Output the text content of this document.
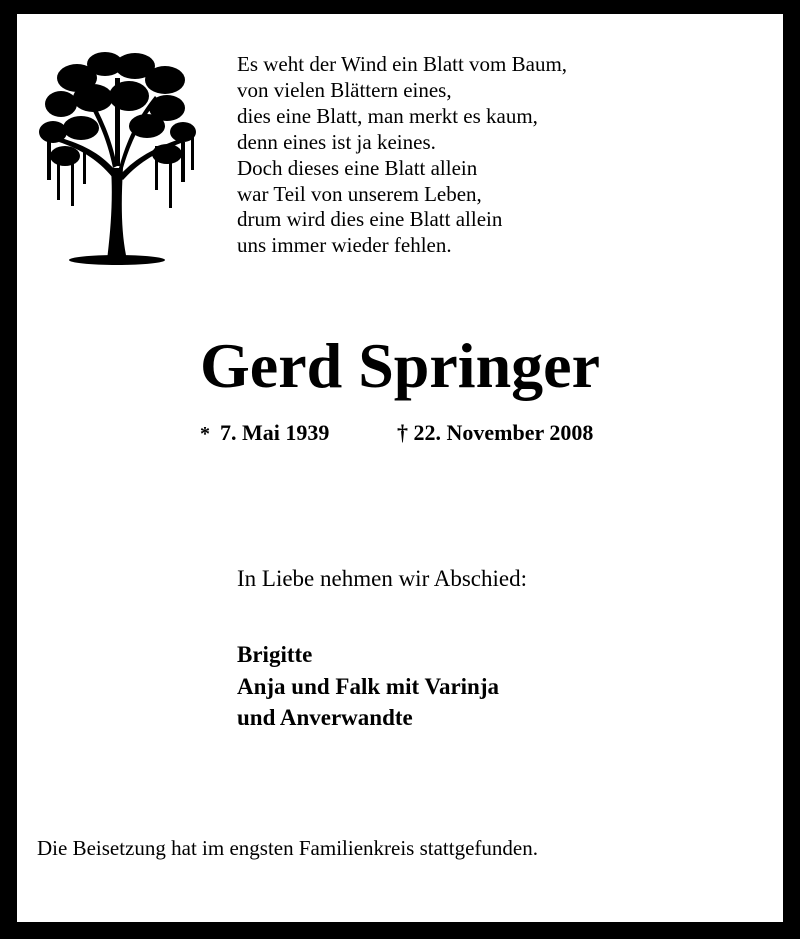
Es weht der Wind ein Blatt vom Baum,
von vielen Blättern eines,
dies eine Blatt, man merkt es kaum,
denn eines ist ja keines.
Doch dieses eine Blatt allein
war Teil von unserem Leben,
drum wird dies eine Blatt allein
uns immer wieder fehlen.
Gerd Springer
* 7. Mai 1939	† 22. November 2008
In Liebe nehmen wir Abschied:
Brigitte
Anja und Falk mit Varinja
und Anverwandte
Die Beisetzung hat im engsten Familienkreis stattgefunden.
